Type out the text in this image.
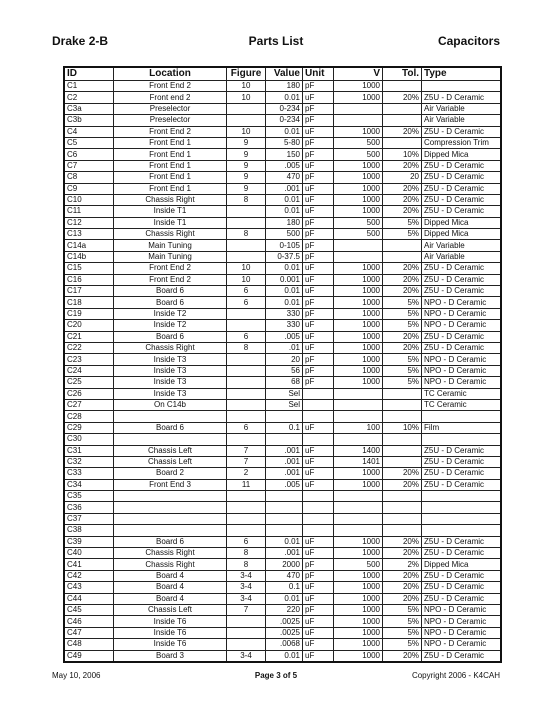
Drake 2-B	Parts List	Capacitors
ID	Location	Figure	Value	Unit	V	Tol.	Type
C1	Front End 2	10	180	pF	1000		
C2	Front end 2	10	0.01	uF	1000	20%	Z5U - D Ceramic
C3a	Preselector		0-234	pF			Air Variable
C3b	Preselector		0-234	pF			Air Variable
C4	Front End 2	10	0.01	uF	1000	20%	Z5U - D Ceramic
C5	Front End 1	9	5-80	pF	500		Compression Trim
C6	Front End 1	9	150	pF	500	10%	Dipped Mica
C7	Front End 1	9	.005	uF	1000	20%	Z5U - D Ceramic
C8	Front End 1	9	470	pF	1000	20	Z5U - D Ceramic
C9	Front End 1	9	.001	uF	1000	20%	Z5U - D Ceramic
C10	Chassis Right	8	0.01	uF	1000	20%	Z5U - D Ceramic
C11	Inside T1		0.01	uF	1000	20%	Z5U - D Ceramic
C12	Inside T1		180	pF	500	5%	Dipped Mica
C13	Chassis Right	8	500	pF	500	5%	Dipped Mica
C14a	Main Tuning		0-105	pF			Air Variable
C14b	Main Tuning		0-37.5	pF			Air Variable
C15	Front End 2	10	0.01	uF	1000	20%	Z5U - D Ceramic
C16	Front End 2	10	0.001	uF	1000	20%	Z5U - D Ceramic
C17	Board 6	6	0.01	uF	1000	20%	Z5U - D Ceramic
C18	Board 6	6	0.01	pF	1000	5%	NPO - D Ceramic
C19	Inside T2		330	pF	1000	5%	NPO - D Ceramic
C20	Inside T2		330	uF	1000	5%	NPO - D Ceramic
C21	Board 6	6	.005	uF	1000	20%	Z5U - D Ceramic
C22	Chassis Right	8	.01	uF	1000	20%	Z5U - D Ceramic
C23	Inside T3		20	pF	1000	5%	NPO - D Ceramic
C24	Inside T3		56	pF	1000	5%	NPO - D Ceramic
C25	Inside T3		68	pF	1000	5%	NPO - D Ceramic
C26	Inside T3		Sel				TC Ceramic
C27	On C14b		Sel				TC Ceramic
C28							
C29	Board 6	6	0.1	uF	100	10%	Film
C30							
C31	Chassis Left	7	.001	uF	1400		Z5U - D Ceramic
C32	Chassis Left	7	.001	uF	1401		Z5U - D Ceramic
C33	Board 2	2	.001	uF	1000	20%	Z5U - D Ceramic
C34	Front End 3	11	.005	uF	1000	20%	Z5U - D Ceramic
C35							
C36							
C37							
C38							
C39	Board 6	6	0.01	uF	1000	20%	Z5U - D Ceramic
C40	Chassis Right	8	.001	uF	1000	20%	Z5U - D Ceramic
C41	Chassis Right	8	2000	pF	500	2%	Dipped Mica
C42	Board 4	3-4	470	pF	1000	20%	Z5U - D Ceramic
C43	Board 4	3-4	0.1	uF	1000	20%	Z5U - D Ceramic
C44	Board 4	3-4	0.01	uF	1000	20%	Z5U - D Ceramic
C45	Chassis Left	7	220	pF	1000	5%	NPO - D Ceramic
C46	Inside T6		.0025	uF	1000	5%	NPO - D Ceramic
C47	Inside T6		.0025	uF	1000	5%	NPO - D Ceramic
C48	Inside T6		.0068	uF	1000	5%	NPO - D Ceramic
C49	Board 3	3-4	0.01	uF	1000	20%	Z5U - D Ceramic
May 10, 2006	Page 3 of 5	Copyright 2006 - K4CAH
